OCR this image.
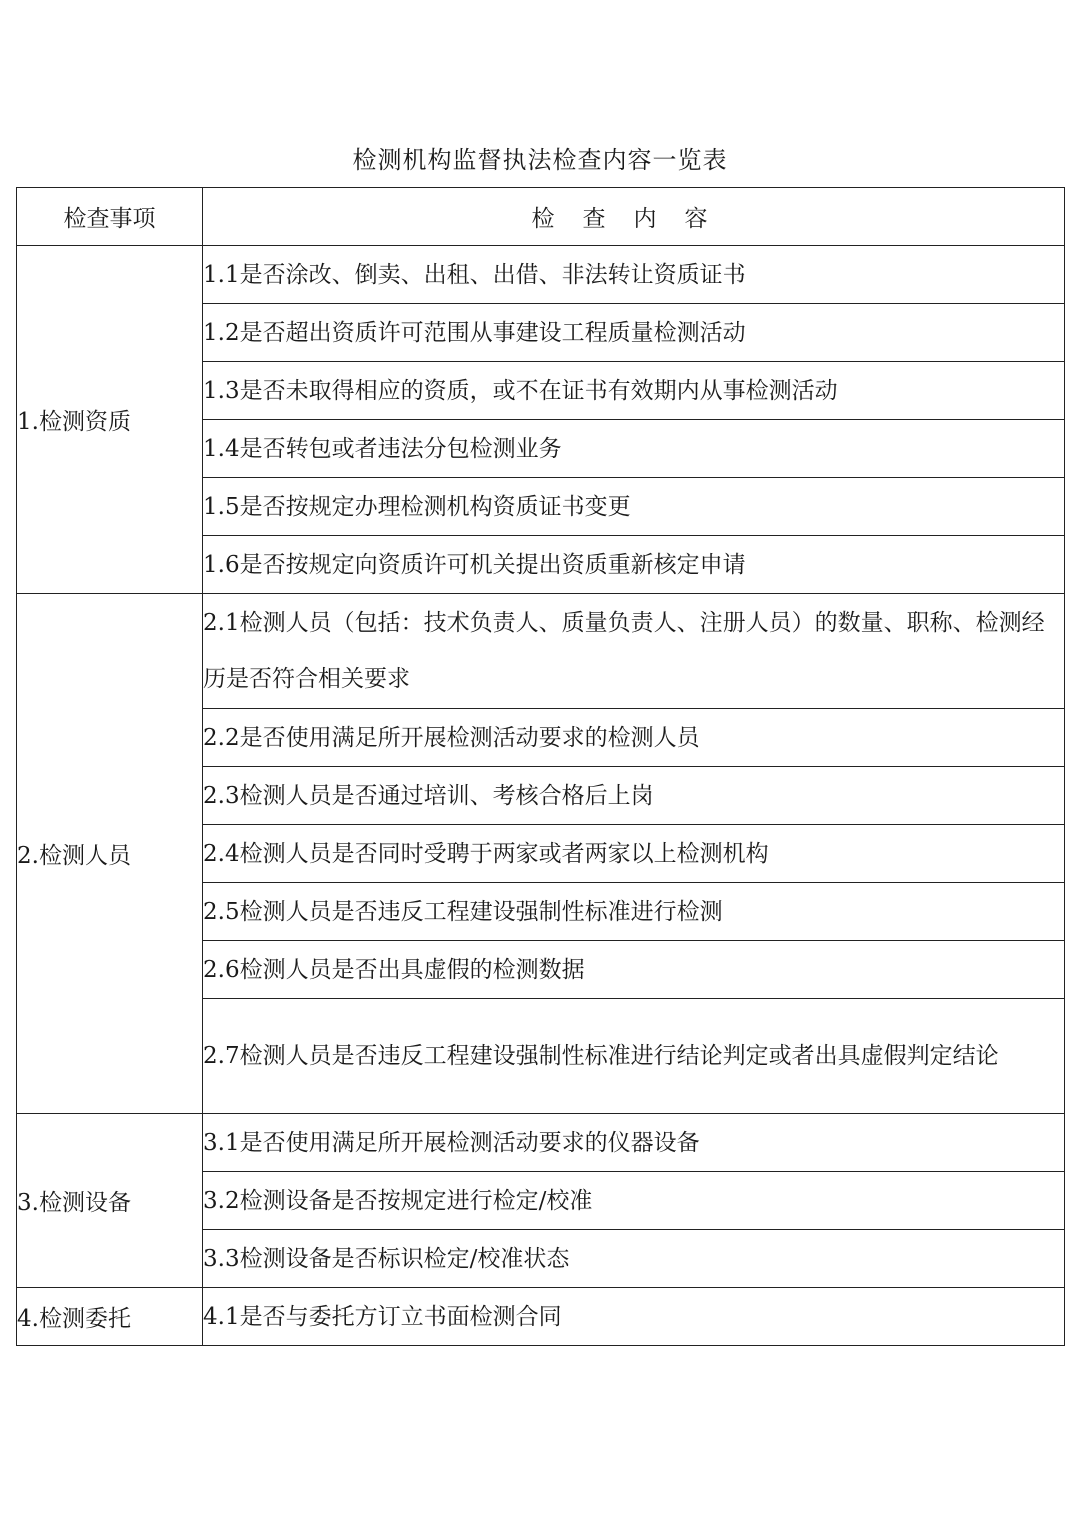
检测机构监督执法检查内容一览表
检查事项	检查内容
1.检测资质	1.1是否涂改、倒卖、出租、出借、非法转让资质证书
	1.2是否超出资质许可范围从事建设工程质量检测活动
	1.3是否未取得相应的资质，或不在证书有效期内从事检测活动
	1.4是否转包或者违法分包检测业务
	1.5是否按规定办理检测机构资质证书变更
	1.6是否按规定向资质许可机关提出资质重新核定申请
2.检测人员	2.1检测人员（包括：技术负责人、质量负责人、注册人员）的数量、职称、检测经历是否符合相关要求
	2.2是否使用满足所开展检测活动要求的检测人员
	2.3检测人员是否通过培训、考核合格后上岗
	2.4检测人员是否同时受聘于两家或者两家以上检测机构
	2.5检测人员是否违反工程建设强制性标准进行检测
	2.6检测人员是否出具虚假的检测数据
	2.7检测人员是否违反工程建设强制性标准进行结论判定或者出具虚假判定结论
3.检测设备	3.1是否使用满足所开展检测活动要求的仪器设备
	3.2检测设备是否按规定进行检定/校准
	3.3检测设备是否标识检定/校准状态
4.检测委托	4.1是否与委托方订立书面检测合同
